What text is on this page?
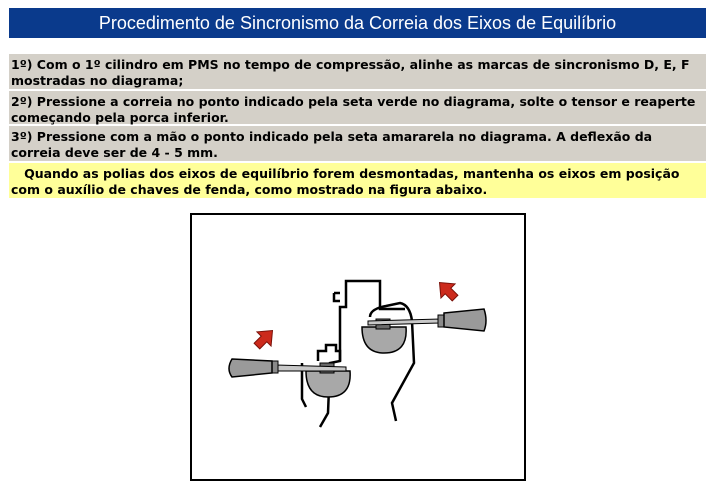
Procedimento de Sincronismo da Correia dos Eixos de Equilíbrio
1º) Com o 1º cilindro em PMS no tempo de compressão, alinhe as marcas de sincronismo D, E, F mostradas no diagrama;
2º) Pressione a correia no ponto indicado pela seta verde no diagrama, solte o tensor e reaperte começando pela porca inferior.
3º) Pressione com a mão o ponto indicado pela seta amararela no diagrama. A deflexão da correia deve ser de 4 - 5 mm.
Quando as polias dos eixos de equilíbrio forem desmontadas, mantenha os eixos em posição com o auxílio de chaves de fenda, como mostrado na figura abaixo.
